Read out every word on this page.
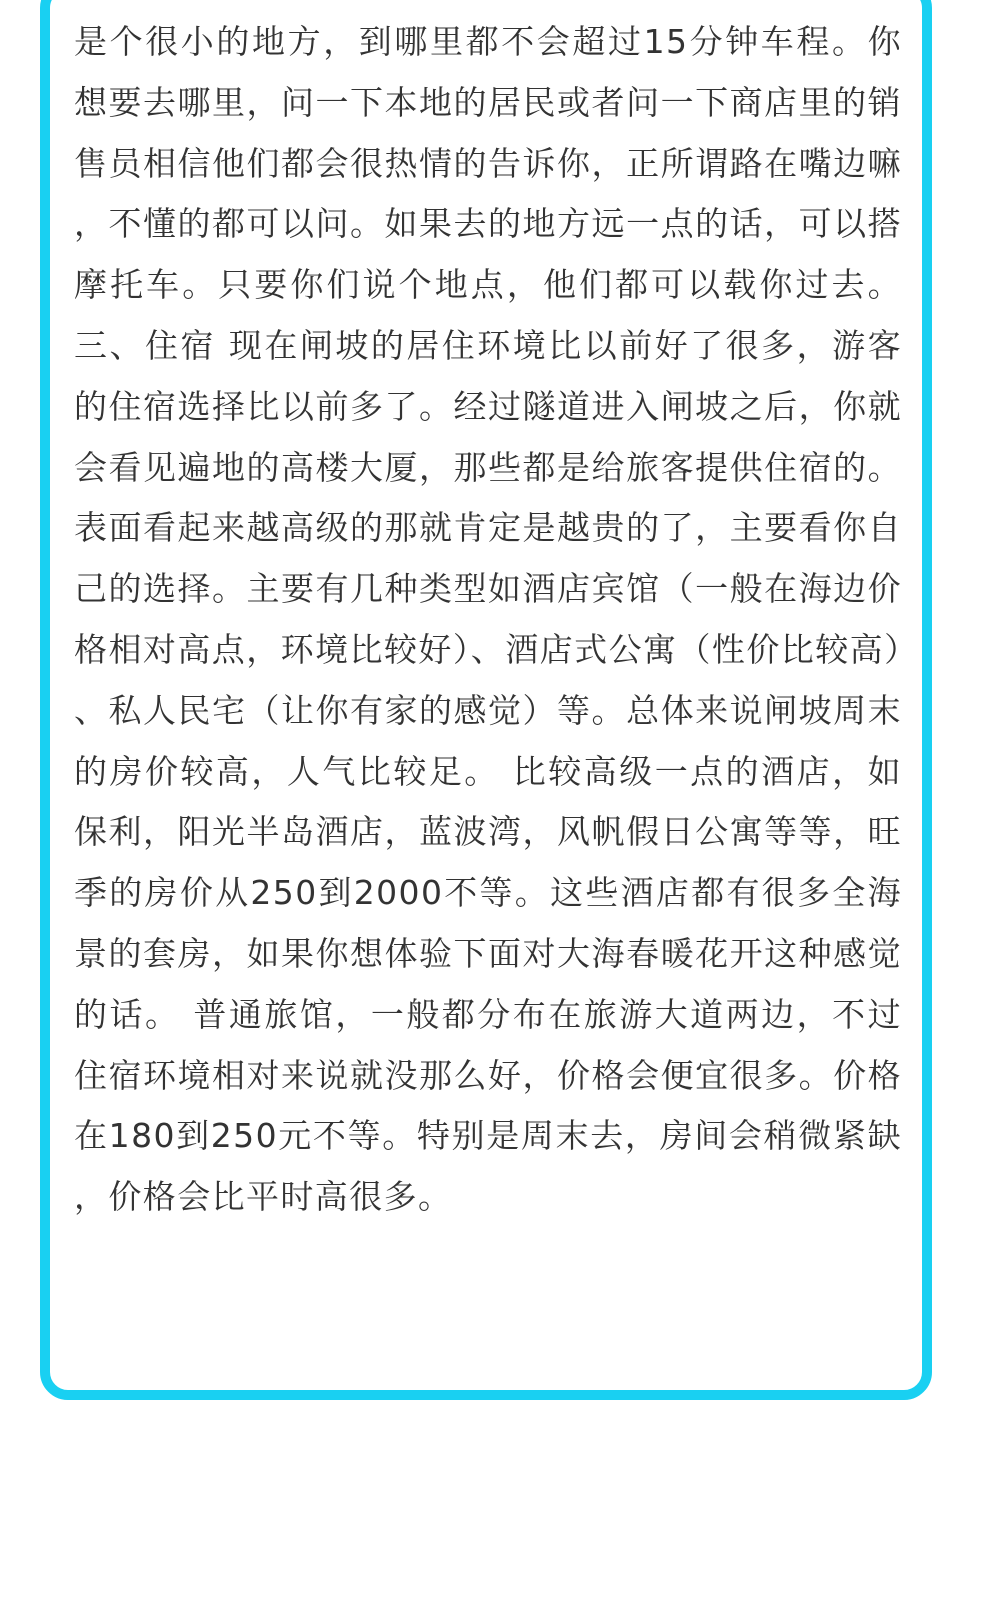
是个很小的地方，到哪里都不会超过15分钟车程。你想要去哪里，问一下本地的居民或者问一下商店里的销售员相信他们都会很热情的告诉你，正所谓路在嘴边嘛，不懂的都可以问。如果去的地方远一点的话，可以搭摩托车。只要你们说个地点，他们都可以载你过去。 三、住宿 现在闸坡的居住环境比以前好了很多，游客的住宿选择比以前多了。经过隧道进入闸坡之后，你就会看见遍地的高楼大厦，那些都是给旅客提供住宿的。表面看起来越高级的那就肯定是越贵的了，主要看你自己的选择。主要有几种类型如酒店宾馆（一般在海边价格相对高点，环境比较好）、酒店式公寓（性价比较高）、私人民宅（让你有家的感觉）等。总体来说闸坡周末的房价较高，人气比较足。 比较高级一点的酒店，如保利，阳光半岛酒店，蓝波湾，风帆假日公寓等等，旺季的房价从250到2000不等。这些酒店都有很多全海景的套房，如果你想体验下面对大海春暖花开这种感觉的话。 普通旅馆，一般都分布在旅游大道两边，不过住宿环境相对来说就没那么好，价格会便宜很多。价格在180到250元不等。特别是周末去，房间会稍微紧缺，价格会比平时高很多。
